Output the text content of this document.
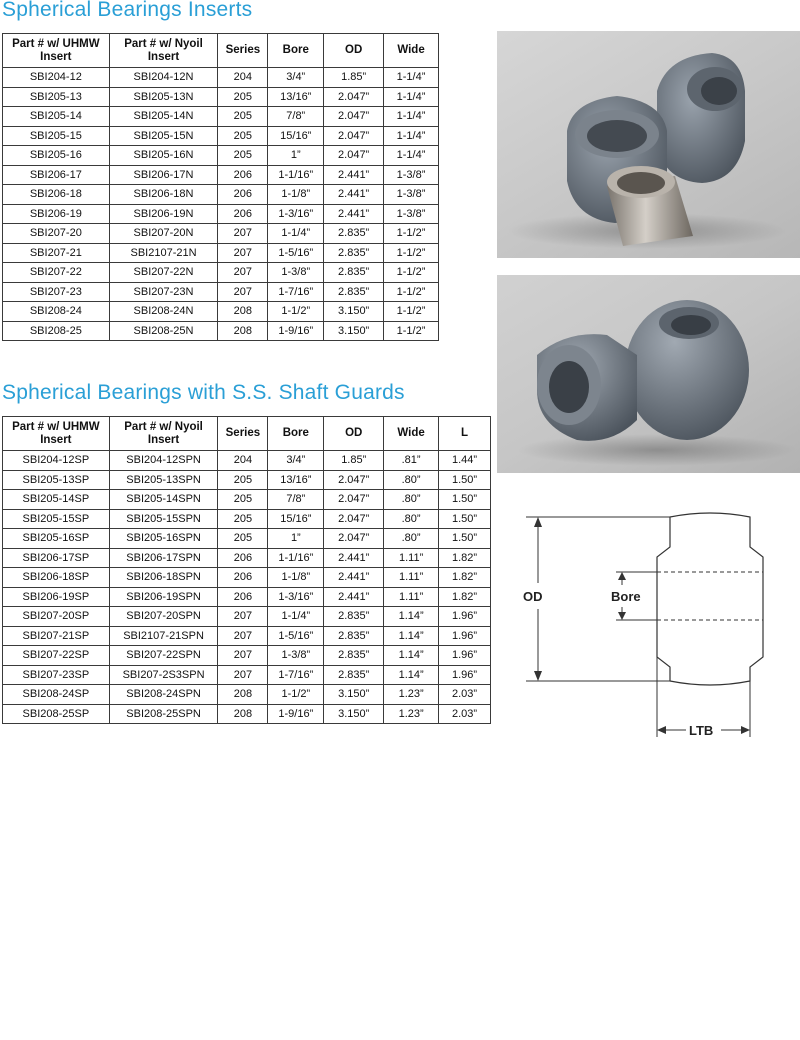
Spherical Bearings Inserts
Part # w/ UHMW Insert	Part # w/ Nyoil Insert	Series	Bore	OD	Wide
SBI204-12	SBI204-12N	204	3/4”	1.85”	1-1/4”
SBI205-13	SBI205-13N	205	13/16”	2.047”	1-1/4”
SBI205-14	SBI205-14N	205	7/8”	2.047”	1-1/4”
SBI205-15	SBI205-15N	205	15/16”	2.047”	1-1/4”
SBI205-16	SBI205-16N	205	1”	2.047”	1-1/4”
SBI206-17	SBI206-17N	206	1-1/16”	2.441”	1-3/8”
SBI206-18	SBI206-18N	206	1-1/8”	2.441”	1-3/8”
SBI206-19	SBI206-19N	206	1-3/16”	2.441”	1-3/8”
SBI207-20	SBI207-20N	207	1-1/4”	2.835”	1-1/2”
SBI207-21	SBI2107-21N	207	1-5/16”	2.835”	1-1/2”
SBI207-22	SBI207-22N	207	1-3/8”	2.835”	1-1/2”
SBI207-23	SBI207-23N	207	1-7/16”	2.835”	1-1/2”
SBI208-24	SBI208-24N	208	1-1/2”	3.150”	1-1/2”
SBI208-25	SBI208-25N	208	1-9/16”	3.150”	1-1/2”
Spherical Bearings with S.S. Shaft Guards
Part # w/ UHMW Insert	Part # w/ Nyoil Insert	Series	Bore	OD	Wide	L
SBI204-12SP	SBI204-12SPN	204	3/4”	1.85”	.81”	1.44”
SBI205-13SP	SBI205-13SPN	205	13/16”	2.047”	.80”	1.50”
SBI205-14SP	SBI205-14SPN	205	7/8”	2.047”	.80”	1.50”
SBI205-15SP	SBI205-15SPN	205	15/16”	2.047”	.80”	1.50”
SBI205-16SP	SBI205-16SPN	205	1”	2.047”	.80”	1.50”
SBI206-17SP	SBI206-17SPN	206	1-1/16”	2.441”	1.11”	1.82”
SBI206-18SP	SBI206-18SPN	206	1-1/8”	2.441”	1.11”	1.82”
SBI206-19SP	SBI206-19SPN	206	1-3/16”	2.441”	1.11”	1.82”
SBI207-20SP	SBI207-20SPN	207	1-1/4”	2.835”	1.14”	1.96”
SBI207-21SP	SBI2107-21SPN	207	1-5/16”	2.835”	1.14”	1.96”
SBI207-22SP	SBI207-22SPN	207	1-3/8”	2.835”	1.14”	1.96”
SBI207-23SP	SBI207-2S3SPN	207	1-7/16”	2.835”	1.14”	1.96”
SBI208-24SP	SBI208-24SPN	208	1-1/2”	3.150”	1.23”	2.03”
SBI208-25SP	SBI208-25SPN	208	1-9/16”	3.150”	1.23”	2.03”
OD	Bore
LTB
